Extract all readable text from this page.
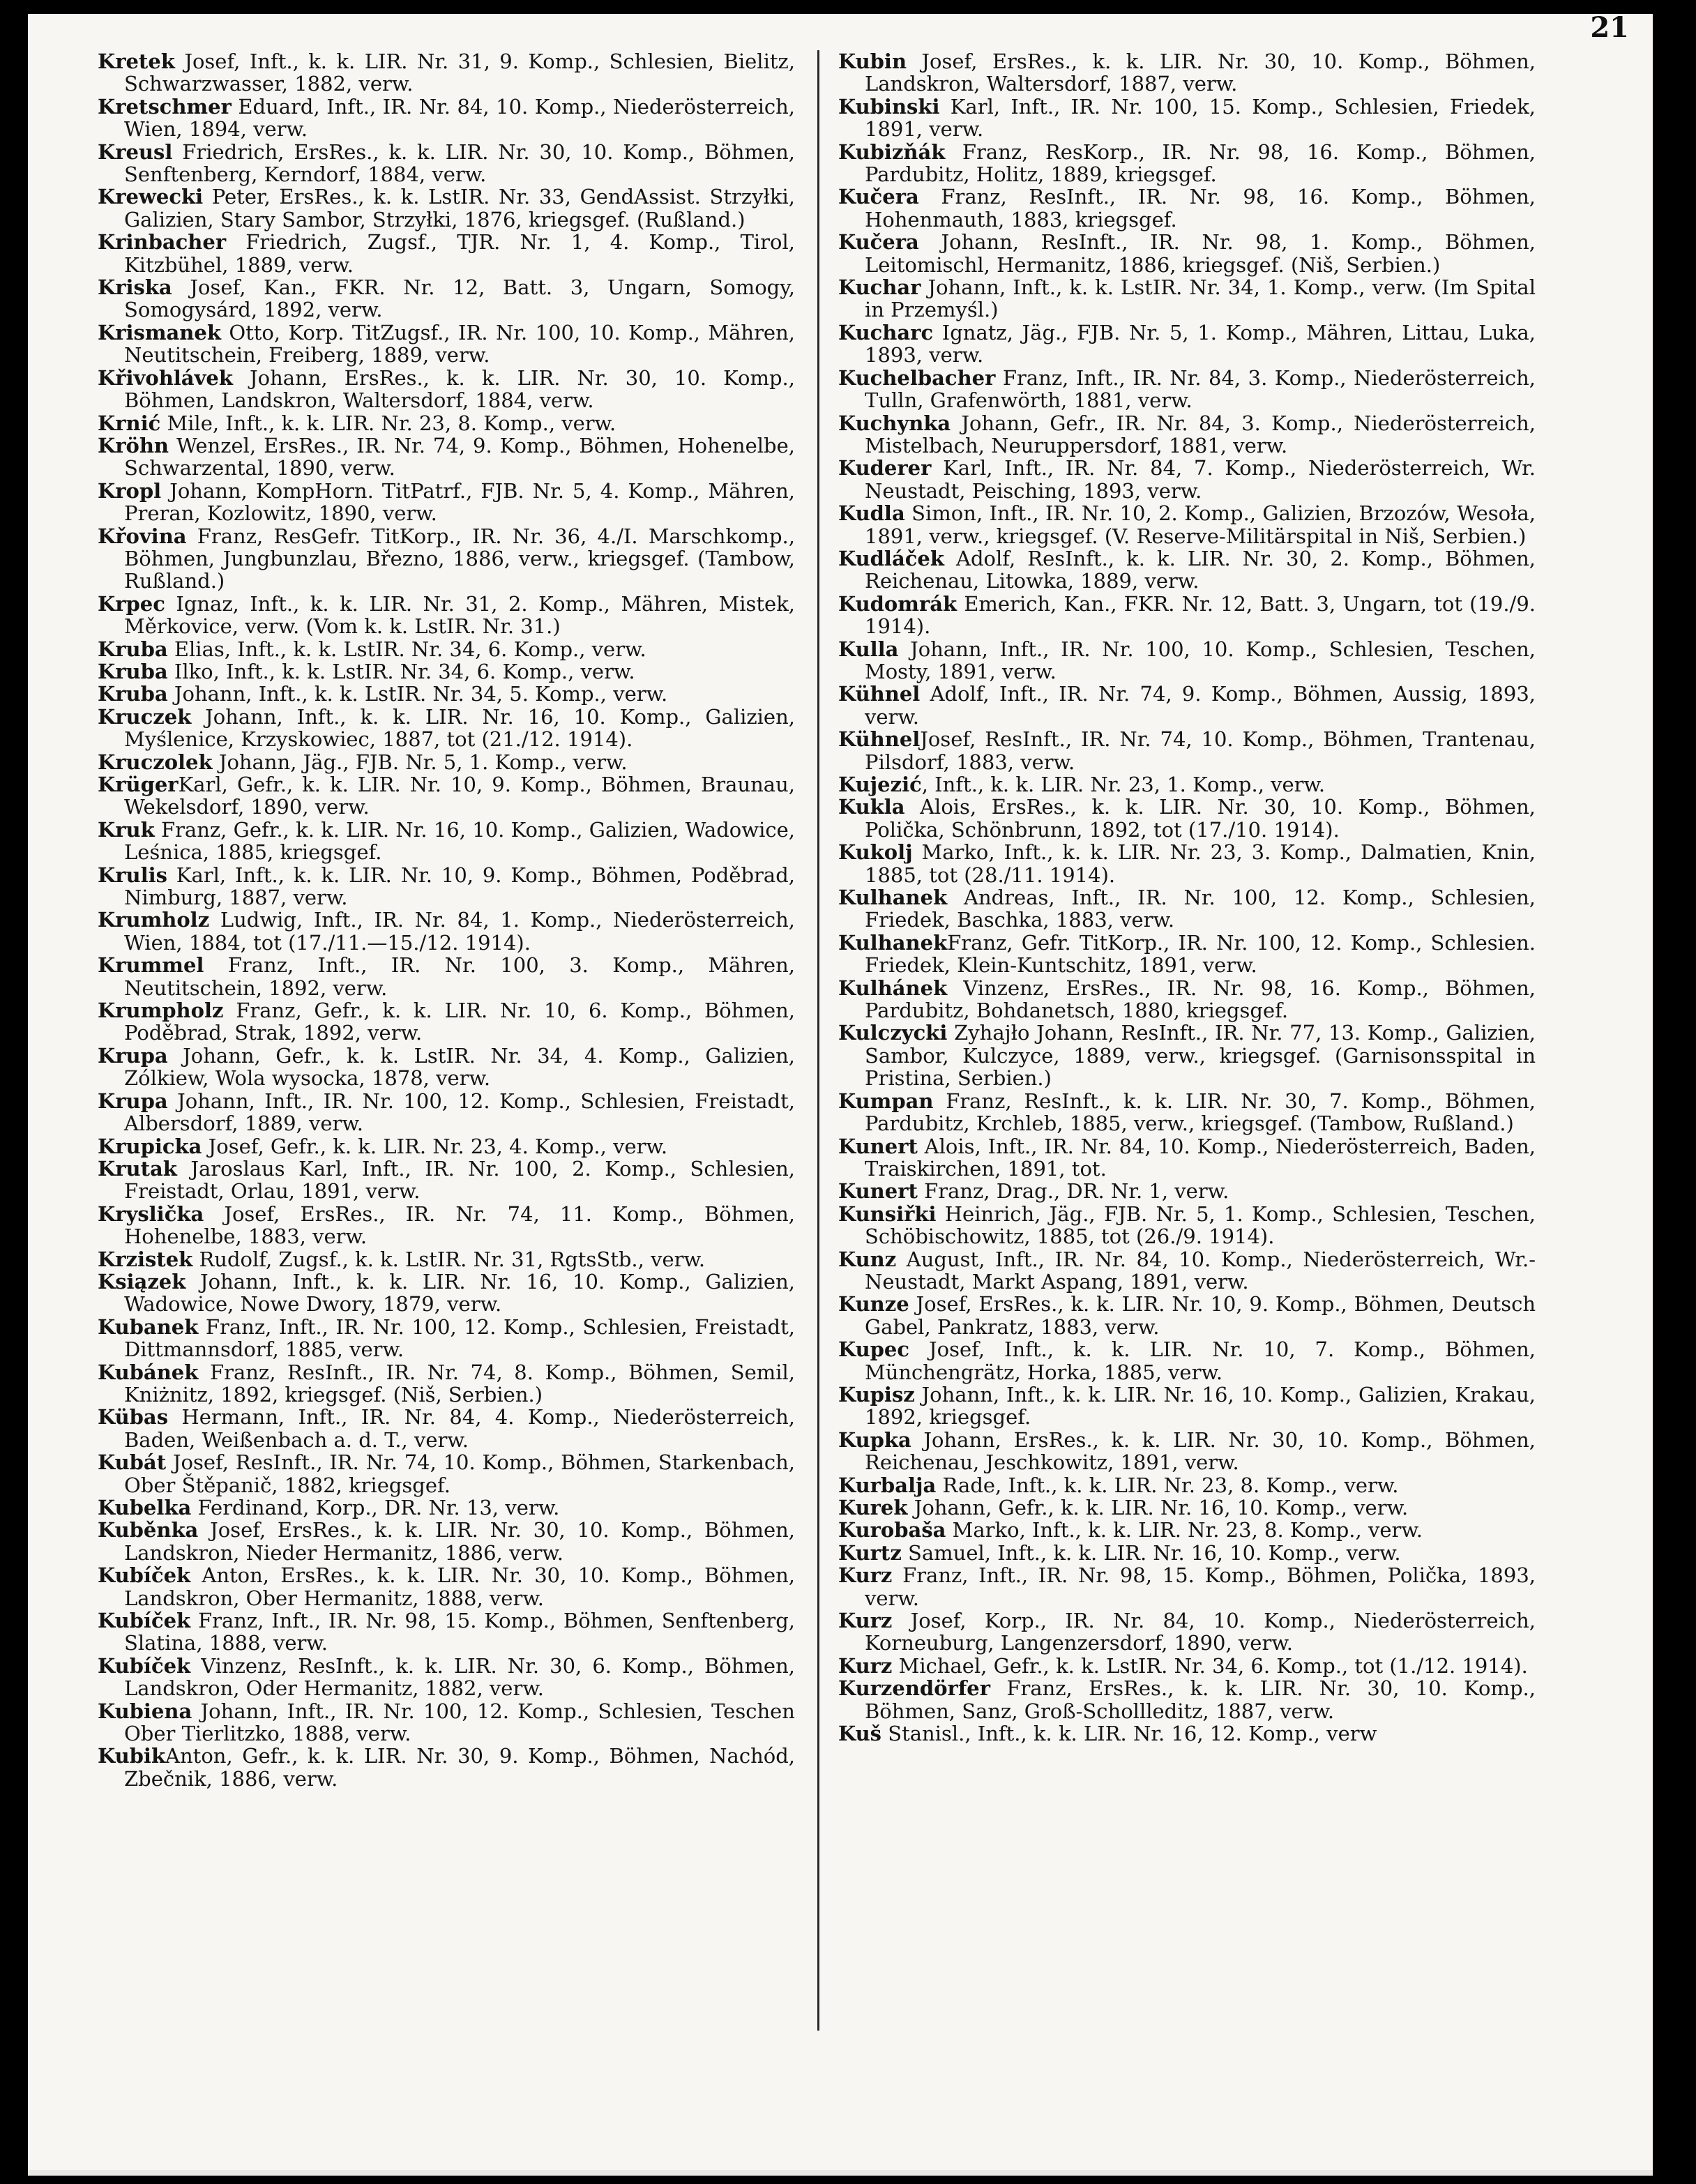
21

Kretek Josef, Inft., k. k. LIR. Nr. 31, 9. Komp., Schlesien, Bielitz, Schwarzwasser, 1882, verw.

Kretschmer Eduard, Inft., IR. Nr. 84, 10. Komp., Niederösterreich, Wien, 1894, verw.

Kreusl Friedrich, ErsRes., k. k. LIR. Nr. 30, 10. Komp., Böhmen, Senftenberg, Kerndorf, 1884, verw.

Krewecki Peter, ErsRes., k. k. LstIR. Nr. 33, GendAssist. Strzyłki, Galizien, Stary Sambor, Strzyłki, 1876, kriegsgef. (Rußland.)

Krinbacher Friedrich, Zugsf., TJR. Nr. 1, 4. Komp., Tirol, Kitzbühel, 1889, verw.

Kriska Josef, Kan., FKR. Nr. 12, Batt. 3, Ungarn, Somogy, Somogysárd, 1892, verw.

Krismanek Otto, Korp. TitZugsf., IR. Nr. 100, 10. Komp., Mähren, Neutitschein, Freiberg, 1889, verw.

Křivohlávek Johann, ErsRes., k. k. LIR. Nr. 30, 10. Komp., Böhmen, Landskron, Waltersdorf, 1884, verw.

Krnić Mile, Inft., k. k. LIR. Nr. 23, 8. Komp., verw.

Kröhn Wenzel, ErsRes., IR. Nr. 74, 9. Komp., Böhmen, Hohenelbe, Schwarzental, 1890, verw.

Kropl Johann, KompHorn. TitPatrf., FJB. Nr. 5, 4. Komp., Mähren, Preran, Kozlowitz, 1890, verw.

Křovina Franz, ResGefr. TitKorp., IR. Nr. 36, 4./I. Marschkomp., Böhmen, Jungbunzlau, Březno, 1886, verw., kriegsgef. (Tambow, Rußland.)

Krpec Ignaz, Inft., k. k. LIR. Nr. 31, 2. Komp., Mähren, Mistek, Měrkovice, verw. (Vom k. k. LstIR. Nr. 31.)

Kruba Elias, Inft., k. k. LstIR. Nr. 34, 6. Komp., verw.

Kruba Ilko, Inft., k. k. LstIR. Nr. 34, 6. Komp., verw.

Kruba Johann, Inft., k. k. LstIR. Nr. 34, 5. Komp., verw.

Kruczek Johann, Inft., k. k. LIR. Nr. 16, 10. Komp., Galizien, Myślenice, Krzyskowiec, 1887, tot (21./12. 1914).

Kruczolek Johann, Jäg., FJB. Nr. 5, 1. Komp., verw.

KrügerKarl, Gefr., k. k. LIR. Nr. 10, 9. Komp., Böhmen, Braunau, Wekelsdorf, 1890, verw.

Kruk Franz, Gefr., k. k. LIR. Nr. 16, 10. Komp., Galizien, Wadowice, Leśnica, 1885, kriegsgef.

Krulis Karl, Inft., k. k. LIR. Nr. 10, 9. Komp., Böhmen, Poděbrad, Nimburg, 1887, verw.

Krumholz Ludwig, Inft., IR. Nr. 84, 1. Komp., Niederösterreich, Wien, 1884, tot (17./11.—15./12. 1914).

Krummel Franz, Inft., IR. Nr. 100, 3. Komp., Mähren, Neutitschein, 1892, verw.

Krumpholz Franz, Gefr., k. k. LIR. Nr. 10, 6. Komp., Böhmen, Poděbrad, Strak, 1892, verw.

Krupa Johann, Gefr., k. k. LstIR. Nr. 34, 4. Komp., Galizien, Zólkiew, Wola wysocka, 1878, verw.

Krupa Johann, Inft., IR. Nr. 100, 12. Komp., Schlesien, Freistadt, Albersdorf, 1889, verw.

Krupicka Josef, Gefr., k. k. LIR. Nr. 23, 4. Komp., verw.

Krutak Jaroslaus Karl, Inft., IR. Nr. 100, 2. Komp., Schlesien, Freistadt, Orlau, 1891, verw.

Kryslička Josef, ErsRes., IR. Nr. 74, 11. Komp., Böhmen, Hohenelbe, 1883, verw.

Krzistek Rudolf, Zugsf., k. k. LstIR. Nr. 31, RgtsStb., verw.

Ksiązek Johann, Inft., k. k. LIR. Nr. 16, 10. Komp., Galizien, Wadowice, Nowe Dwory, 1879, verw.

Kubanek Franz, Inft., IR. Nr. 100, 12. Komp., Schlesien, Freistadt, Dittmannsdorf, 1885, verw.

Kubánek Franz, ResInft., IR. Nr. 74, 8. Komp., Böhmen, Semil, Kniżnitz, 1892, kriegsgef. (Niš, Serbien.)

Kübas Hermann, Inft., IR. Nr. 84, 4. Komp., Niederösterreich, Baden, Weißenbach a. d. T., verw.

Kubát Josef, ResInft., IR. Nr. 74, 10. Komp., Böhmen, Starkenbach, Ober Štěpanič, 1882, kriegsgef.

Kubelka Ferdinand, Korp., DR. Nr. 13, verw.

Kuběnka Josef, ErsRes., k. k. LIR. Nr. 30, 10. Komp., Böhmen, Landskron, Nieder Hermanitz, 1886, verw.

Kubíček Anton, ErsRes., k. k. LIR. Nr. 30, 10. Komp., Böhmen, Landskron, Ober Hermanitz, 1888, verw.

Kubíček Franz, Inft., IR. Nr. 98, 15. Komp., Böhmen, Senftenberg, Slatina, 1888, verw.

Kubíček Vinzenz, ResInft., k. k. LIR. Nr. 30, 6. Komp., Böhmen, Landskron, Oder Hermanitz, 1882, verw.

Kubiena Johann, Inft., IR. Nr. 100, 12. Komp., Schlesien, Teschen Ober Tierlitzko, 1888, verw.

KubikAnton, Gefr., k. k. LIR. Nr. 30, 9. Komp., Böhmen, Nachód, Zbečnik, 1886, verw.

Kubin Josef, ErsRes., k. k. LIR. Nr. 30, 10. Komp., Böhmen, Landskron, Waltersdorf, 1887, verw.

Kubinski Karl, Inft., IR. Nr. 100, 15. Komp., Schlesien, Friedek, 1891, verw.

Kubizňák Franz, ResKorp., IR. Nr. 98, 16. Komp., Böhmen, Pardubitz, Holitz, 1889, kriegsgef.

Kučera Franz, ResInft., IR. Nr. 98, 16. Komp., Böhmen, Hohenmauth, 1883, kriegsgef.

Kučera Johann, ResInft., IR. Nr. 98, 1. Komp., Böhmen, Leitomischl, Hermanitz, 1886, kriegsgef. (Niš, Serbien.)

Kuchar Johann, Inft., k. k. LstIR. Nr. 34, 1. Komp., verw. (Im Spital in Przemyśl.)

Kucharc Ignatz, Jäg., FJB. Nr. 5, 1. Komp., Mähren, Littau, Luka, 1893, verw.

Kuchelbacher Franz, Inft., IR. Nr. 84, 3. Komp., Niederösterreich, Tulln, Grafenwörth, 1881, verw.

Kuchynka Johann, Gefr., IR. Nr. 84, 3. Komp., Niederösterreich, Mistelbach, Neuruppersdorf, 1881, verw.

Kuderer Karl, Inft., IR. Nr. 84, 7. Komp., Niederösterreich, Wr. Neustadt, Peisching, 1893, verw.

Kudla Simon, Inft., IR. Nr. 10, 2. Komp., Galizien, Brzozów, Wesoła, 1891, verw., kriegsgef. (V. Reserve-Militärspital in Niš, Serbien.)

Kudláček Adolf, ResInft., k. k. LIR. Nr. 30, 2. Komp., Böhmen, Reichenau, Litowka, 1889, verw.

Kudomrák Emerich, Kan., FKR. Nr. 12, Batt. 3, Ungarn, tot (19./9. 1914).

Kulla Johann, Inft., IR. Nr. 100, 10. Komp., Schlesien, Teschen, Mosty, 1891, verw.

Kühnel Adolf, Inft., IR. Nr. 74, 9. Komp., Böhmen, Aussig, 1893, verw.

KühnelJosef, ResInft., IR. Nr. 74, 10. Komp., Böhmen, Trantenau, Pilsdorf, 1883, verw.

Kujezić, Inft., k. k. LIR. Nr. 23, 1. Komp., verw.

Kukla Alois, ErsRes., k. k. LIR. Nr. 30, 10. Komp., Böhmen, Polička, Schönbrunn, 1892, tot (17./10. 1914).

Kukolj Marko, Inft., k. k. LIR. Nr. 23, 3. Komp., Dalmatien, Knin, 1885, tot (28./11. 1914).

Kulhanek Andreas, Inft., IR. Nr. 100, 12. Komp., Schlesien, Friedek, Baschka, 1883, verw.

KulhanekFranz, Gefr. TitKorp., IR. Nr. 100, 12. Komp., Schlesien. Friedek, Klein-Kuntschitz, 1891, verw.

Kulhánek Vinzenz, ErsRes., IR. Nr. 98, 16. Komp., Böhmen, Pardubitz, Bohdanetsch, 1880, kriegsgef.

Kulczycki Zyhajło Johann, ResInft., IR. Nr. 77, 13. Komp., Galizien, Sambor, Kulczyce, 1889, verw., kriegsgef. (Garnisonsspital in Pristina, Serbien.)

Kumpan Franz, ResInft., k. k. LIR. Nr. 30, 7. Komp., Böhmen, Pardubitz, Krchleb, 1885, verw., kriegsgef. (Tambow, Rußland.)

Kunert Alois, Inft., IR. Nr. 84, 10. Komp., Niederösterreich, Baden, Traiskirchen, 1891, tot.

Kunert Franz, Drag., DR. Nr. 1, verw.

Kunsiřki Heinrich, Jäg., FJB. Nr. 5, 1. Komp., Schlesien, Teschen, Schöbischowitz, 1885, tot (26./9. 1914).

Kunz August, Inft., IR. Nr. 84, 10. Komp., Niederösterreich, Wr.-Neustadt, Markt Aspang, 1891, verw.

Kunze Josef, ErsRes., k. k. LIR. Nr. 10, 9. Komp., Böhmen, Deutsch Gabel, Pankratz, 1883, verw.

Kupec Josef, Inft., k. k. LIR. Nr. 10, 7. Komp., Böhmen, Münchengrätz, Horka, 1885, verw.

Kupisz Johann, Inft., k. k. LIR. Nr. 16, 10. Komp., Galizien, Krakau, 1892, kriegsgef.

Kupka Johann, ErsRes., k. k. LIR. Nr. 30, 10. Komp., Böhmen, Reichenau, Jeschkowitz, 1891, verw.

Kurbalja Rade, Inft., k. k. LIR. Nr. 23, 8. Komp., verw.

Kurek Johann, Gefr., k. k. LIR. Nr. 16, 10. Komp., verw.

Kurobaša Marko, Inft., k. k. LIR. Nr. 23, 8. Komp., verw.

Kurtz Samuel, Inft., k. k. LIR. Nr. 16, 10. Komp., verw.

Kurz Franz, Inft., IR. Nr. 98, 15. Komp., Böhmen, Polička, 1893, verw.

Kurz Josef, Korp., IR. Nr. 84, 10. Komp., Niederösterreich, Korneuburg, Langenzersdorf, 1890, verw.

Kurz Michael, Gefr., k. k. LstIR. Nr. 34, 6. Komp., tot (1./12. 1914).

Kurzendörfer Franz, ErsRes., k. k. LIR. Nr. 30, 10. Komp., Böhmen, Sanz, Groß-Schollleditz, 1887, verw.

Kuš Stanisl., Inft., k. k. LIR. Nr. 16, 12. Komp., verw
